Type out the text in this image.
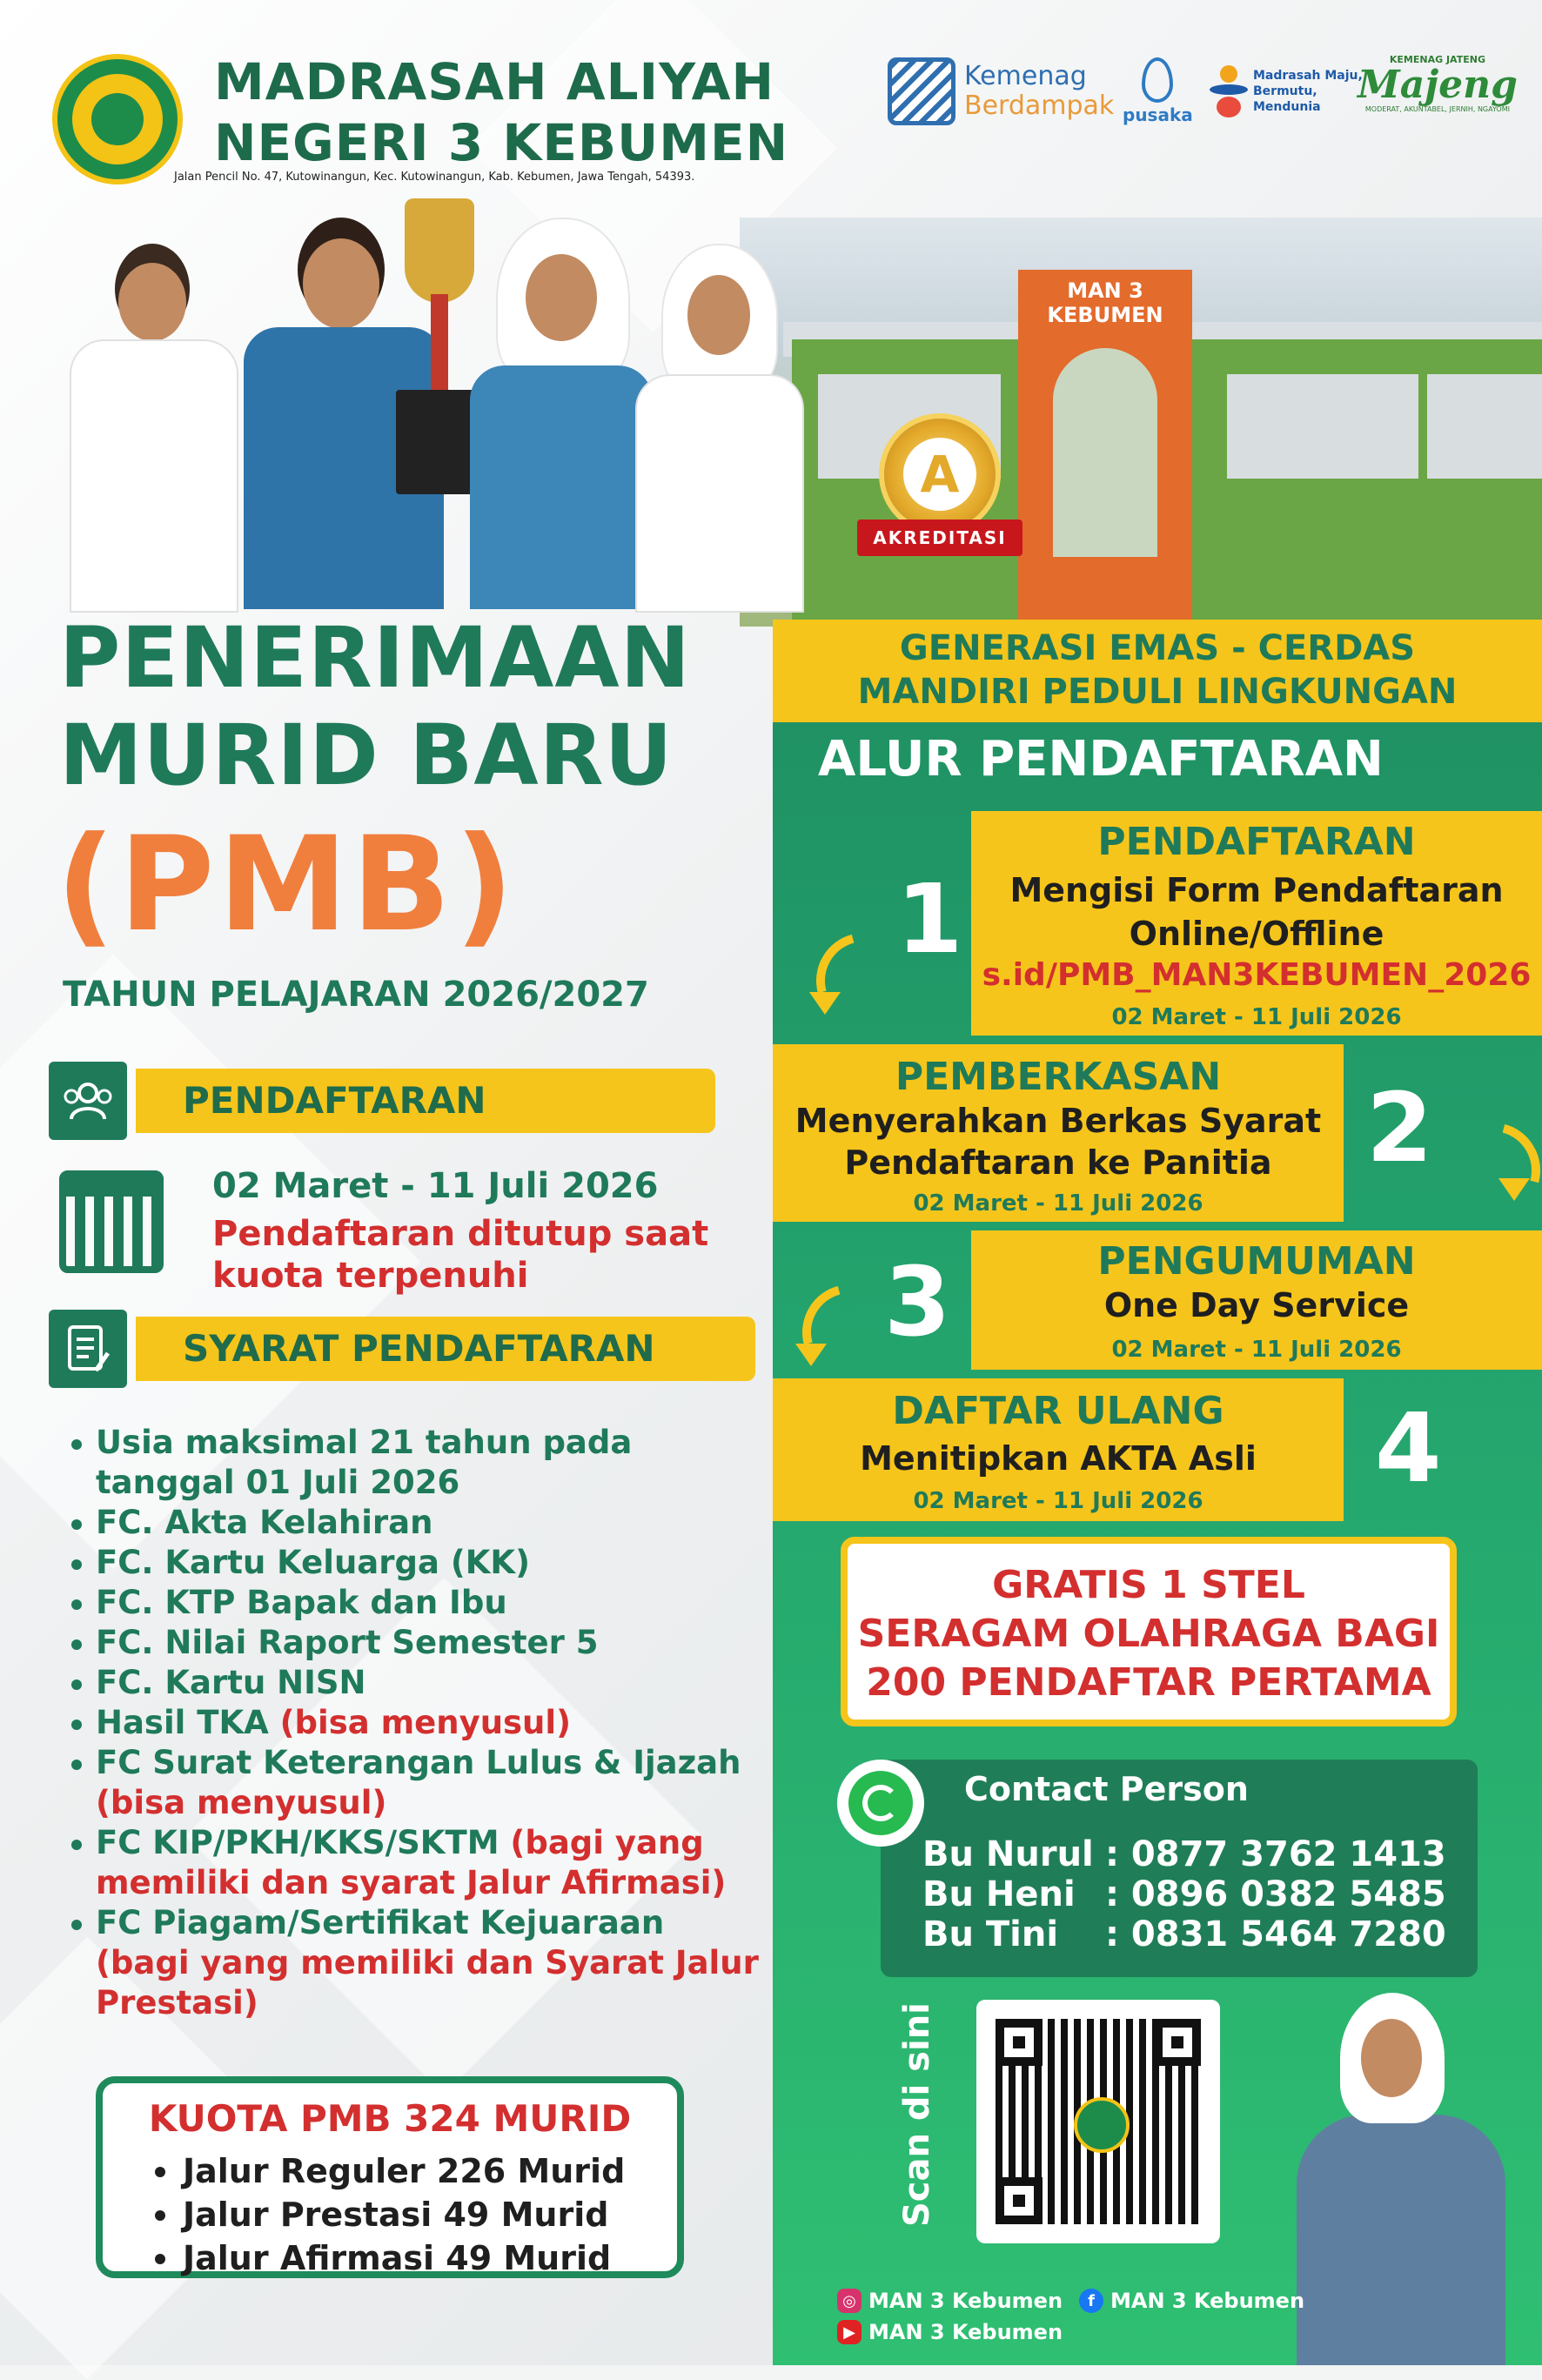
MADRASAH ALIYAH
NEGERI 3 KEBUMEN
Jalan Pencil No. 47, Kutowinangun, Kec. Kutowinangun, Kab. Kebumen, Jawa Tengah, 54393.
Kemenag
Berdampak pusaka
Madrasah Maju,
Bermutu,
Mendunia
KEMENAG JATENG
Majeng
MODERAT, AKUNTABEL, JERNIH, NGAYOMI
MAN 3 KEBUMEN
A
AKREDITASI
PENERIMAAN
MURID BARU
(PMB)
TAHUN PELAJARAN 2026/2027
PENDAFTARAN
02 Maret - 11 Juli 2026
Pendaftaran ditutup saat kuota terpenuhi
SYARAT PENDAFTARAN
Usia maksimal 21 tahun pada tanggal 01 Juli 2026
FC. Akta Kelahiran
FC. Kartu Keluarga (KK)
FC. KTP Bapak dan Ibu
FC. Nilai Raport Semester 5
FC. Kartu NISN
Hasil TKA (bisa menyusul)
FC Surat Keterangan Lulus & Ijazah (bisa menyusul)
FC KIP/PKH/KKS/SKTM (bagi yang memiliki dan syarat Jalur Afirmasi)
FC Piagam/Sertifikat Kejuaraan (bagi yang memiliki dan Syarat Jalur Prestasi)
KUOTA PMB 324 MURID
Jalur Reguler 226 Murid
Jalur Prestasi 49 Murid
Jalur Afirmasi 49 Murid
GENERASI EMAS - CERDAS
MANDIRI PEDULI LINGKUNGAN
ALUR PENDAFTARAN
PENDAFTARAN
Mengisi Form Pendaftaran
Online/Offline
s.id/PMB_MAN3KEBUMEN_2026
02 Maret - 11 Juli 2026
1
PEMBERKASAN
Menyerahkan Berkas Syarat
Pendaftaran ke Panitia
02 Maret - 11 Juli 2026
2
PENGUMUMAN
One Day Service
02 Maret - 11 Juli 2026
3
DAFTAR ULANG
Menitipkan AKTA Asli
02 Maret - 11 Juli 2026	4
GRATIS 1 STEL
SERAGAM OLAHRAGA BAGI
200 PENDAFTAR PERTAMA
Contact Person
Bu Nurul : 0877 3762 1413
Bu Heni : 0896 0382 5485
Bu Tini : 0831 5464 7280
Scan di sini
◎ MAN 3 Kebumen	f MAN 3 Kebumen
▶ MAN 3 Kebumen
